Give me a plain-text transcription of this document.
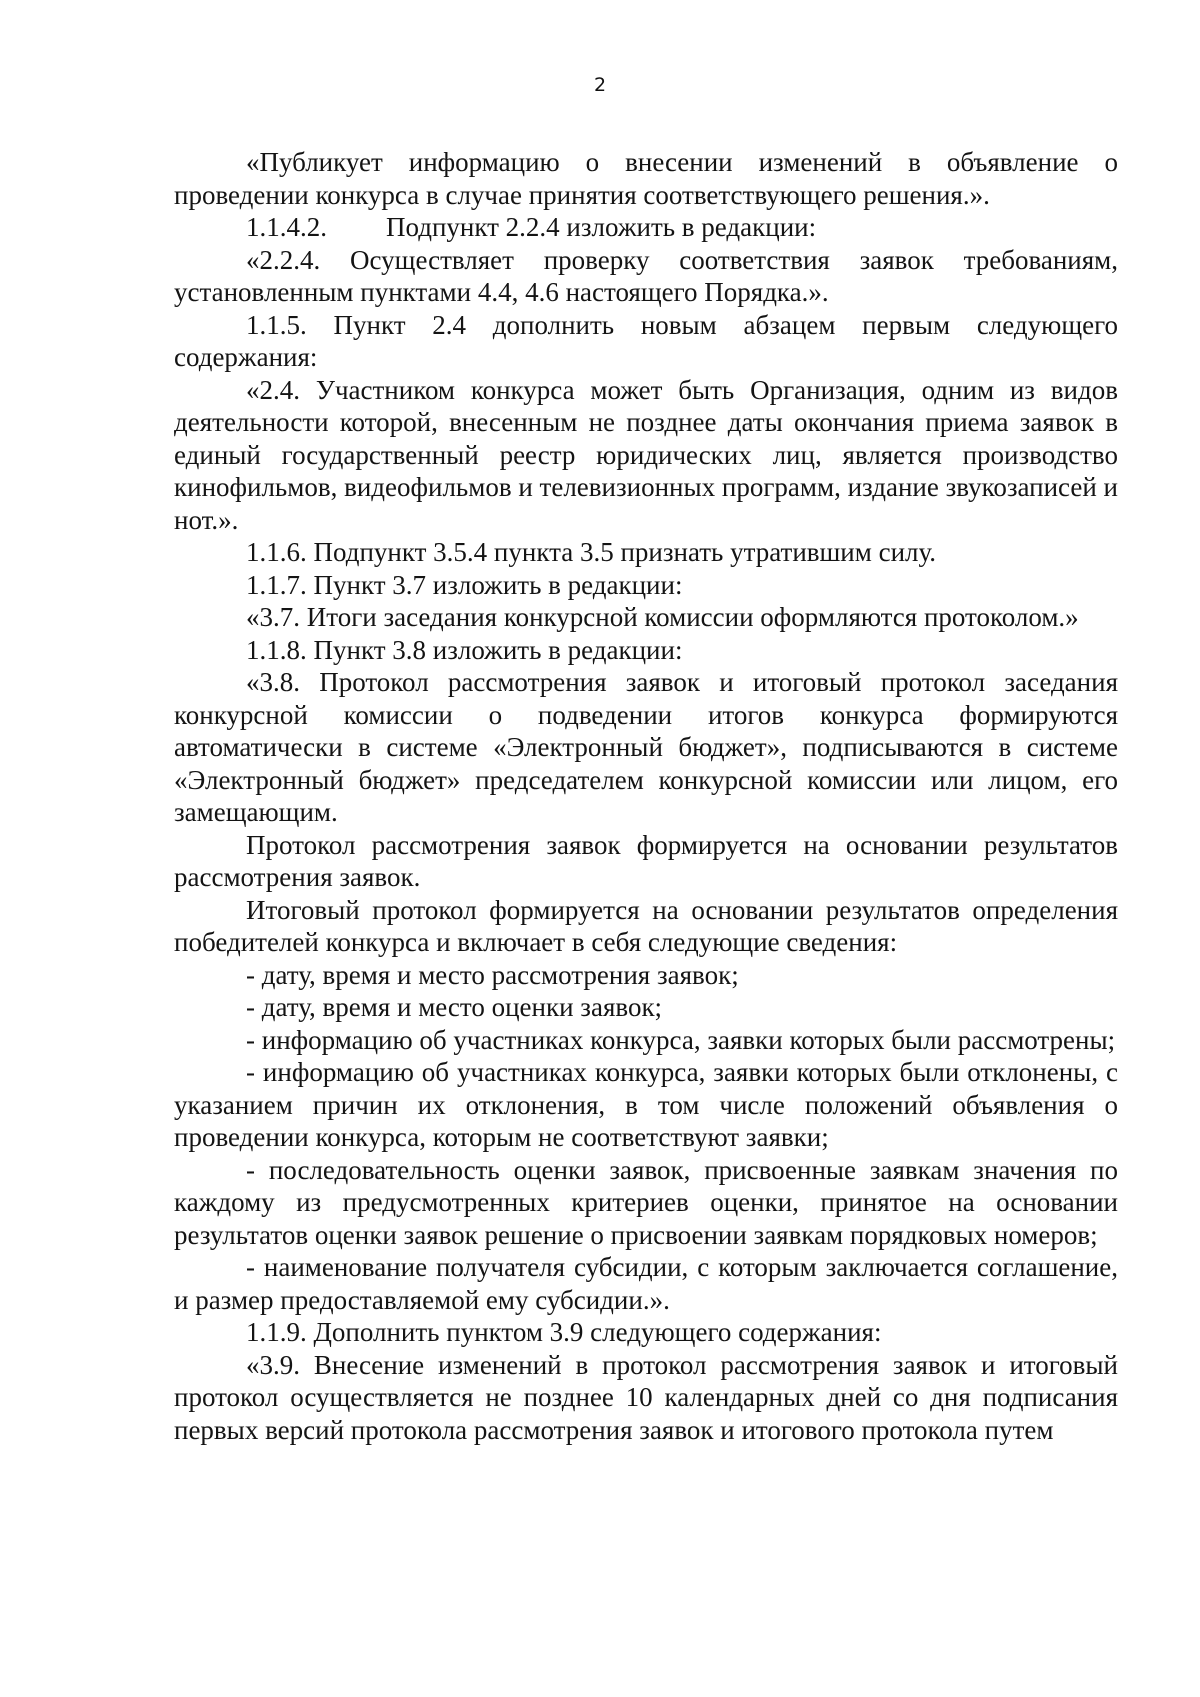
2

«Публикует информацию о внесении изменений в объявление о проведении конкурса в случае принятия соответствующего решения.».

1.1.4.2. Подпункт 2.2.4 изложить в редакции:

«2.2.4. Осуществляет проверку соответствия заявок требованиям, установленным пунктами 4.4, 4.6 настоящего Порядка.».

1.1.5. Пункт 2.4 дополнить новым абзацем первым следующего содержания:

«2.4. Участником конкурса может быть Организация, одним из видов деятельности которой, внесенным не позднее даты окончания приема заявок в единый государственный реестр юридических лиц, является производство кинофильмов, видеофильмов и телевизионных программ, издание звукозаписей и нот.».

1.1.6. Подпункт 3.5.4 пункта 3.5 признать утратившим силу.

1.1.7. Пункт 3.7 изложить в редакции:

«3.7. Итоги заседания конкурсной комиссии оформляются протоколом.»

1.1.8. Пункт 3.8 изложить в редакции:

«3.8. Протокол рассмотрения заявок и итоговый протокол заседания конкурсной комиссии о подведении итогов конкурса формируются автоматически в системе «Электронный бюджет», подписываются в системе «Электронный бюджет» председателем конкурсной комиссии или лицом, его замещающим.

Протокол рассмотрения заявок формируется на основании результатов рассмотрения заявок.

Итоговый протокол формируется на основании результатов определения победителей конкурса и включает в себя следующие сведения:

- дату, время и место рассмотрения заявок;

- дату, время и место оценки заявок;

- информацию об участниках конкурса, заявки которых были рассмотрены;

- информацию об участниках конкурса, заявки которых были отклонены, с указанием причин их отклонения, в том числе положений объявления о проведении конкурса, которым не соответствуют заявки;

- последовательность оценки заявок, присвоенные заявкам значения по каждому из предусмотренных критериев оценки, принятое на основании результатов оценки заявок решение о присвоении заявкам порядковых номеров;

- наименование получателя субсидии, с которым заключается соглашение, и размер предоставляемой ему субсидии.».

1.1.9. Дополнить пунктом 3.9 следующего содержания:

«3.9. Внесение изменений в протокол рассмотрения заявок и итоговый протокол осуществляется не позднее 10 календарных дней со дня подписания первых версий протокола рассмотрения заявок и итогового протокола путем
